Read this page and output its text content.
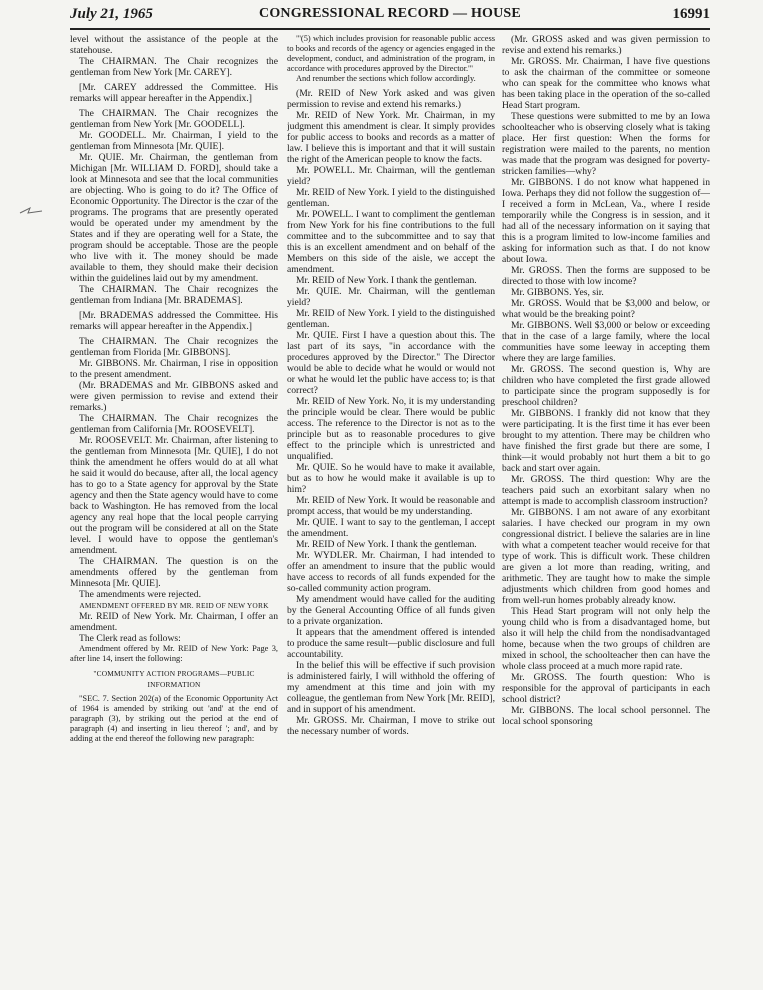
July 21, 1965	CONGRESSIONAL RECORD — HOUSE	16991

level without the assistance of the people at the statehouse.

The CHAIRMAN. The Chair recognizes the gentleman from New York [Mr. CAREY].

[Mr. CAREY addressed the Committee. His remarks will appear hereafter in the Appendix.]

The CHAIRMAN. The Chair recognizes the gentleman from New York [Mr. GOODELL].

Mr. GOODELL. Mr. Chairman, I yield to the gentleman from Minnesota [Mr. QUIE].

Mr. QUIE. Mr. Chairman, the gentleman from Michigan [Mr. WILLIAM D. FORD], should take a look at Minnesota and see that the local communities are objecting. Who is going to do it? The Office of Economic Opportunity. The Director is the czar of the programs. The programs that are presently operated would be operated under my amendment by the States and if they are operating well for a State, the program should be acceptable. Those are the people who live with it. The money should be made available to them, they should make their decision within the guidelines laid out by my amendment.

The CHAIRMAN. The Chair recognizes the gentleman from Indiana [Mr. BRADEMAS].

[Mr. BRADEMAS addressed the Committee. His remarks will appear hereafter in the Appendix.]

The CHAIRMAN. The Chair recognizes the gentleman from Florida [Mr. GIBBONS].

Mr. GIBBONS. Mr. Chairman, I rise in opposition to the present amendment.

(Mr. BRADEMAS and Mr. GIBBONS asked and were given permission to revise and extend their remarks.)

The CHAIRMAN. The Chair recognizes the gentleman from California [Mr. ROOSEVELT].

Mr. ROOSEVELT. Mr. Chairman, after listening to the gentleman from Minnesota [Mr. QUIE], I do not think the amendment he offers would do at all what he said it would do because, after all, the local agency has to go to a State agency for approval by the State agency and then the State agency would have to come back to Washington. He has removed from the local agency any real hope that the local people carrying out the program will be considered at all on the State level. I would have to oppose the gentleman's amendment.

The CHAIRMAN. The question is on the amendments offered by the gentleman from Minnesota [Mr. QUIE].

The amendments were rejected.

AMENDMENT OFFERED BY MR. REID OF NEW YORK

Mr. REID of New York. Mr. Chairman, I offer an amendment.

The Clerk read as follows:

Amendment offered by Mr. REID of New York: Page 3, after line 14, insert the following:

"COMMUNITY ACTION PROGRAMS—PUBLIC INFORMATION

"SEC. 7. Section 202(a) of the Economic Opportunity Act of 1964 is amended by striking out 'and' at the end of paragraph (3), by striking out the period at the end of paragraph (4) and inserting in lieu thereof '; and', and by adding at the end thereof the following new paragraph:

"'(5) which includes provision for reasonable public access to books and records of the agency or agencies engaged in the development, conduct, and administration of the program, in accordance with procedures approved by the Director.'"

And renumber the sections which follow accordingly.

(Mr. REID of New York asked and was given permission to revise and extend his remarks.)

Mr. REID of New York. Mr. Chairman, in my judgment this amendment is clear. It simply provides for public access to books and records as a matter of law. I believe this is important and that it will sustain the right of the American people to know the facts.

Mr. POWELL. Mr. Chairman, will the gentleman yield?

Mr. REID of New York. I yield to the distinguished gentleman.

Mr. POWELL. I want to compliment the gentleman from New York for his fine contributions to the full committee and to the subcommittee and to say that this is an excellent amendment and on behalf of the Members on this side of the aisle, we accept the amendment.

Mr. REID of New York. I thank the gentleman.

Mr. QUIE. Mr. Chairman, will the gentleman yield?

Mr. REID of New York. I yield to the distinguished gentleman.

Mr. QUIE. First I have a question about this. The last part of its says, "in accordance with the procedures approved by the Director." The Director would be able to decide what he would or would not or what he would let the public have access to; is that correct?

Mr. REID of New York. No, it is my understanding the principle would be clear. There would be public access. The reference to the Director is not as to the principle but as to reasonable procedures to give effect to the principle which is unrestricted and unqualified.

Mr. QUIE. So he would have to make it available, but as to how he would make it available is up to him?

Mr. REID of New York. It would be reasonable and prompt access, that would be my understanding.

Mr. QUIE. I want to say to the gentleman, I accept the amendment.

Mr. REID of New York. I thank the gentleman.

Mr. WYDLER. Mr. Chairman, I had intended to offer an amendment to insure that the public would have access to records of all funds expended for the so-called community action program.

My amendment would have called for the auditing by the General Accounting Office of all funds given to a private organization.

It appears that the amendment offered is intended to produce the same result—public disclosure and full accountability.

In the belief this will be effective if such provision is administered fairly, I will withhold the offering of my amendment at this time and join with my colleague, the gentleman from New York [Mr. REID], and in support of his amendment.

Mr. GROSS. Mr. Chairman, I move to strike out the necessary number of words.

(Mr. GROSS asked and was given permission to revise and extend his remarks.)

Mr. GROSS. Mr. Chairman, I have five questions to ask the chairman of the committee or someone who can speak for the committee who knows what has been taking place in the operation of the so-called Head Start program.

These questions were submitted to me by an Iowa schoolteacher who is observing closely what is taking place. Her first question: When the forms for registration were mailed to the parents, no mention was made that the program was designed for poverty-stricken families—why?

Mr. GIBBONS. I do not know what happened in Iowa. Perhaps they did not follow the suggestion of—I received a form in McLean, Va., where I reside temporarily while the Congress is in session, and it had all of the necessary information on it saying that this is a program limited to low-income families and asking for information such as that. I do not know about Iowa.

Mr. GROSS. Then the forms are supposed to be directed to those with low income?

Mr. GIBBONS. Yes, sir.

Mr. GROSS. Would that be $3,000 and below, or what would be the breaking point?

Mr. GIBBONS. Well $3,000 or below or exceeding that in the case of a large family, where the local communities have some leeway in accepting them where they are large families.

Mr. GROSS. The second question is, Why are children who have completed the first grade allowed to participate since the program supposedly is for preschool children?

Mr. GIBBONS. I frankly did not know that they were participating. It is the first time it has ever been brought to my attention. There may be children who have finished the first grade but there are some, I think—it would probably not hurt them a bit to go back and start over again.

Mr. GROSS. The third question: Why are the teachers paid such an exorbitant salary when no attempt is made to accomplish classroom instruction?

Mr. GIBBONS. I am not aware of any exorbitant salaries. I have checked our program in my own congressional district. I believe the salaries are in line with what a competent teacher would receive for that type of work. This is difficult work. These children are given a lot more than reading, writing, and arithmetic. They are taught how to make the simple adjustments which children from good homes and from well-run homes probably already know.

This Head Start program will not only help the young child who is from a disadvantaged home, but also it will help the child from the nondisadvantaged home, because when the two groups of children are mixed in school, the schoolteacher then can have the whole class proceed at a much more rapid rate.

Mr. GROSS. The fourth question: Who is responsible for the approval of participants in each school district?

Mr. GIBBONS. The local school personnel. The local school sponsoring
